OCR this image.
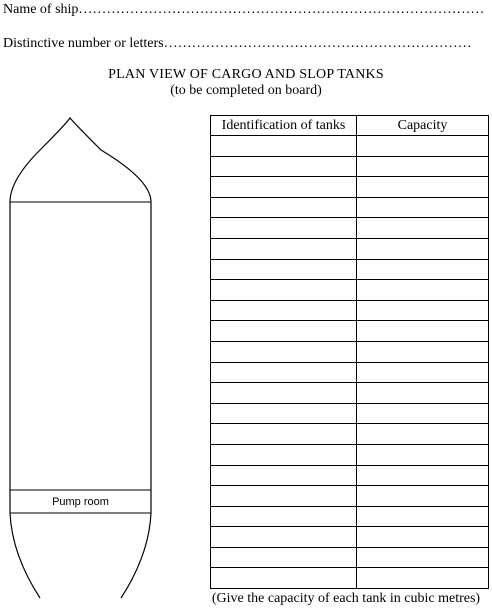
Name of ship……………………………………………………………………………
Distinctive number or letters…………………………………………………………
PLAN VIEW OF CARGO AND SLOP TANKS
(to be completed on board)
Pump room
Identification of tanks	Capacity

(Give the capacity of each tank in cubic metres)
